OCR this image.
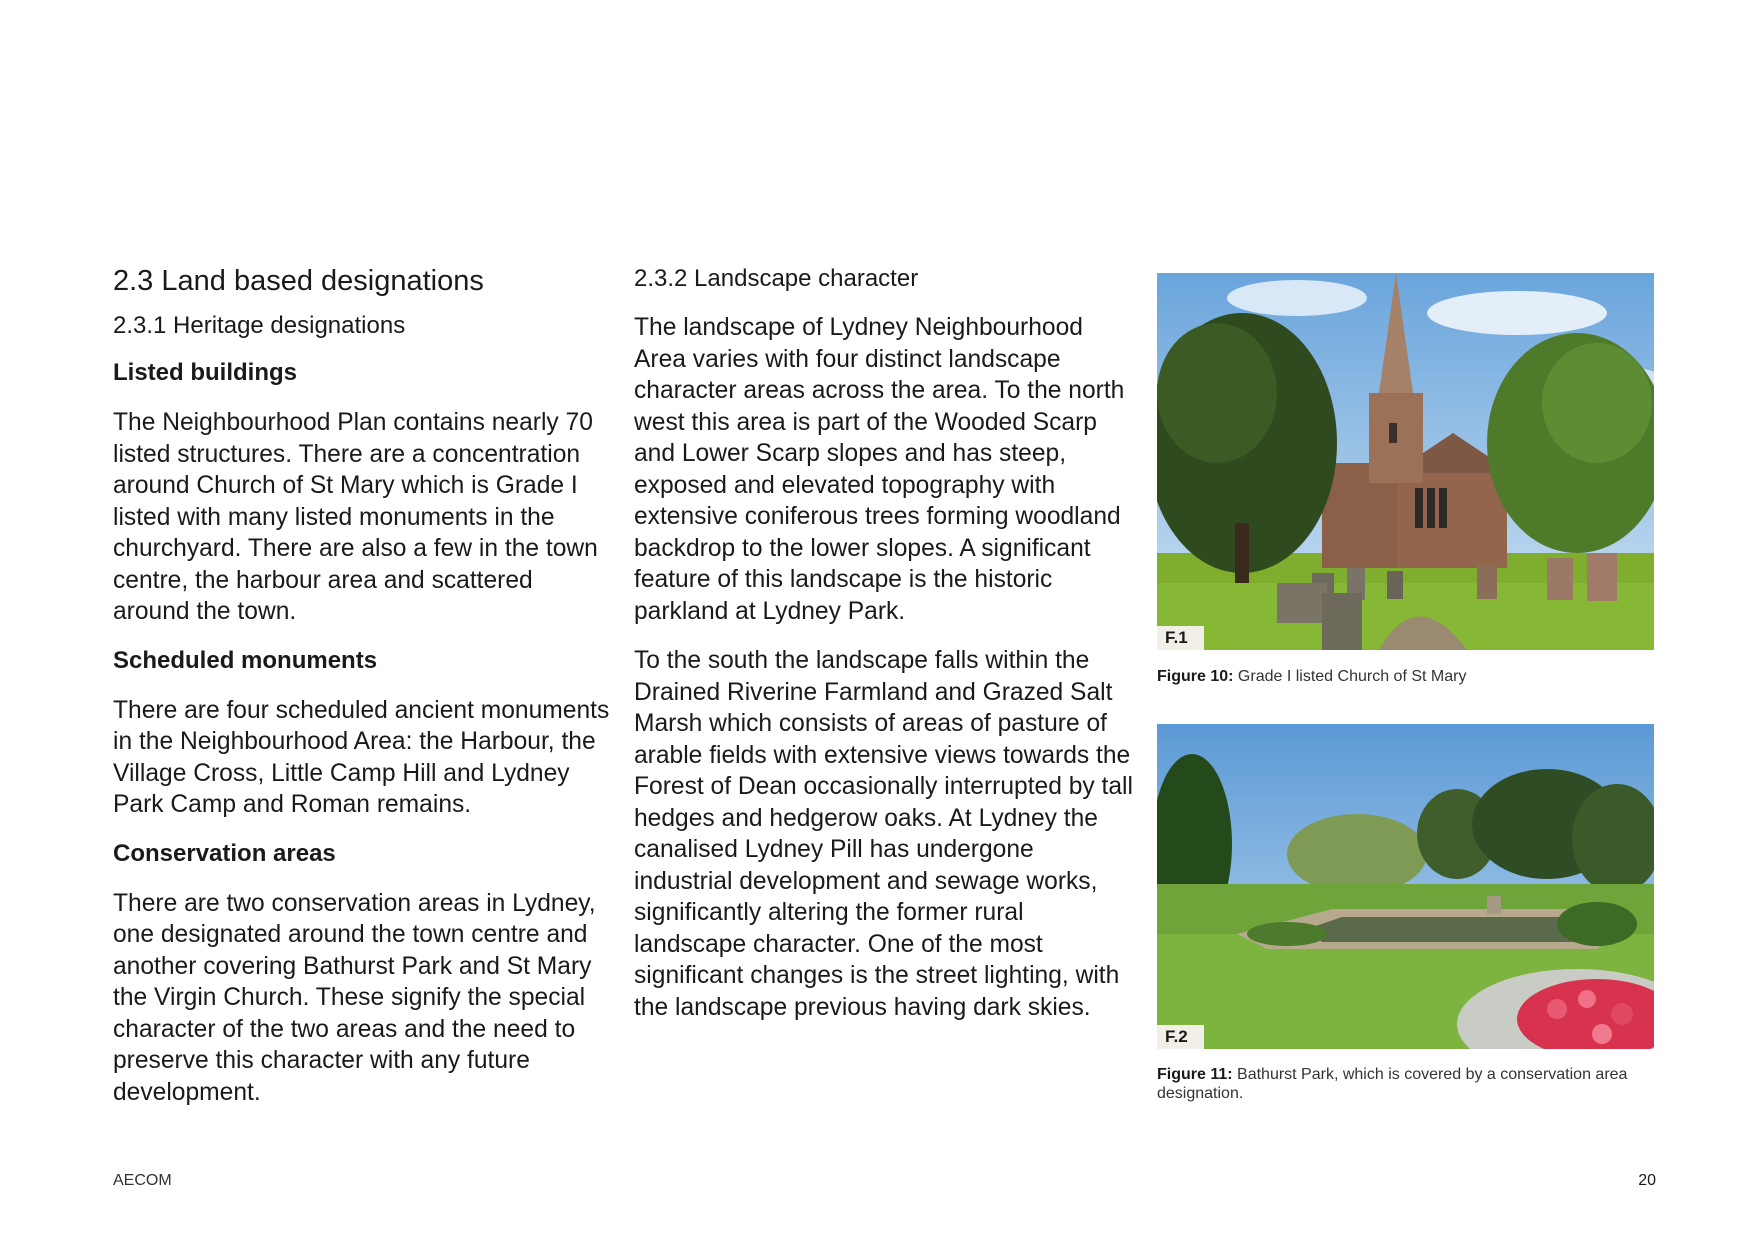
2.3 Land based designations
2.3.1 Heritage designations
Listed buildings

The Neighbourhood Plan contains nearly 70 listed structures. There are a concentration around Church of St Mary which is Grade I listed with many listed monuments in the churchyard. There are also a few in the town centre, the harbour area and scattered around the town.

Scheduled monuments

There are four scheduled ancient monuments in the Neighbourhood Area: the Harbour, the Village Cross, Little Camp Hill and Lydney Park Camp and Roman remains.

Conservation areas

There are two conservation areas in Lydney, one designated around the town centre and another covering Bathurst Park and St Mary the Virgin Church. These signify the special character of the two areas and the need to preserve this character with any future development.

2.3.2 Landscape character

The landscape of Lydney Neighbourhood Area varies with four distinct landscape character areas across the area. To the north west this area is part of the Wooded Scarp and Lower Scarp slopes and has steep, exposed and elevated topography with extensive coniferous trees forming woodland backdrop to the lower slopes. A significant feature of this landscape is the historic parkland at Lydney Park.

To the south the landscape falls within the Drained Riverine Farmland and Grazed Salt Marsh which consists of areas of pasture of arable fields with extensive views towards the Forest of Dean occasionally interrupted by tall hedges and hedgerow oaks. At Lydney the canalised Lydney Pill has undergone industrial development and sewage works, significantly altering the former rural landscape character. One of the most significant changes is the street lighting, with the landscape previous having dark skies.

F.1
Figure 10: Grade I listed Church of St Mary
F.2
Figure 11: Bathurst Park, which is covered by a conservation area designation.
AECOM	20
